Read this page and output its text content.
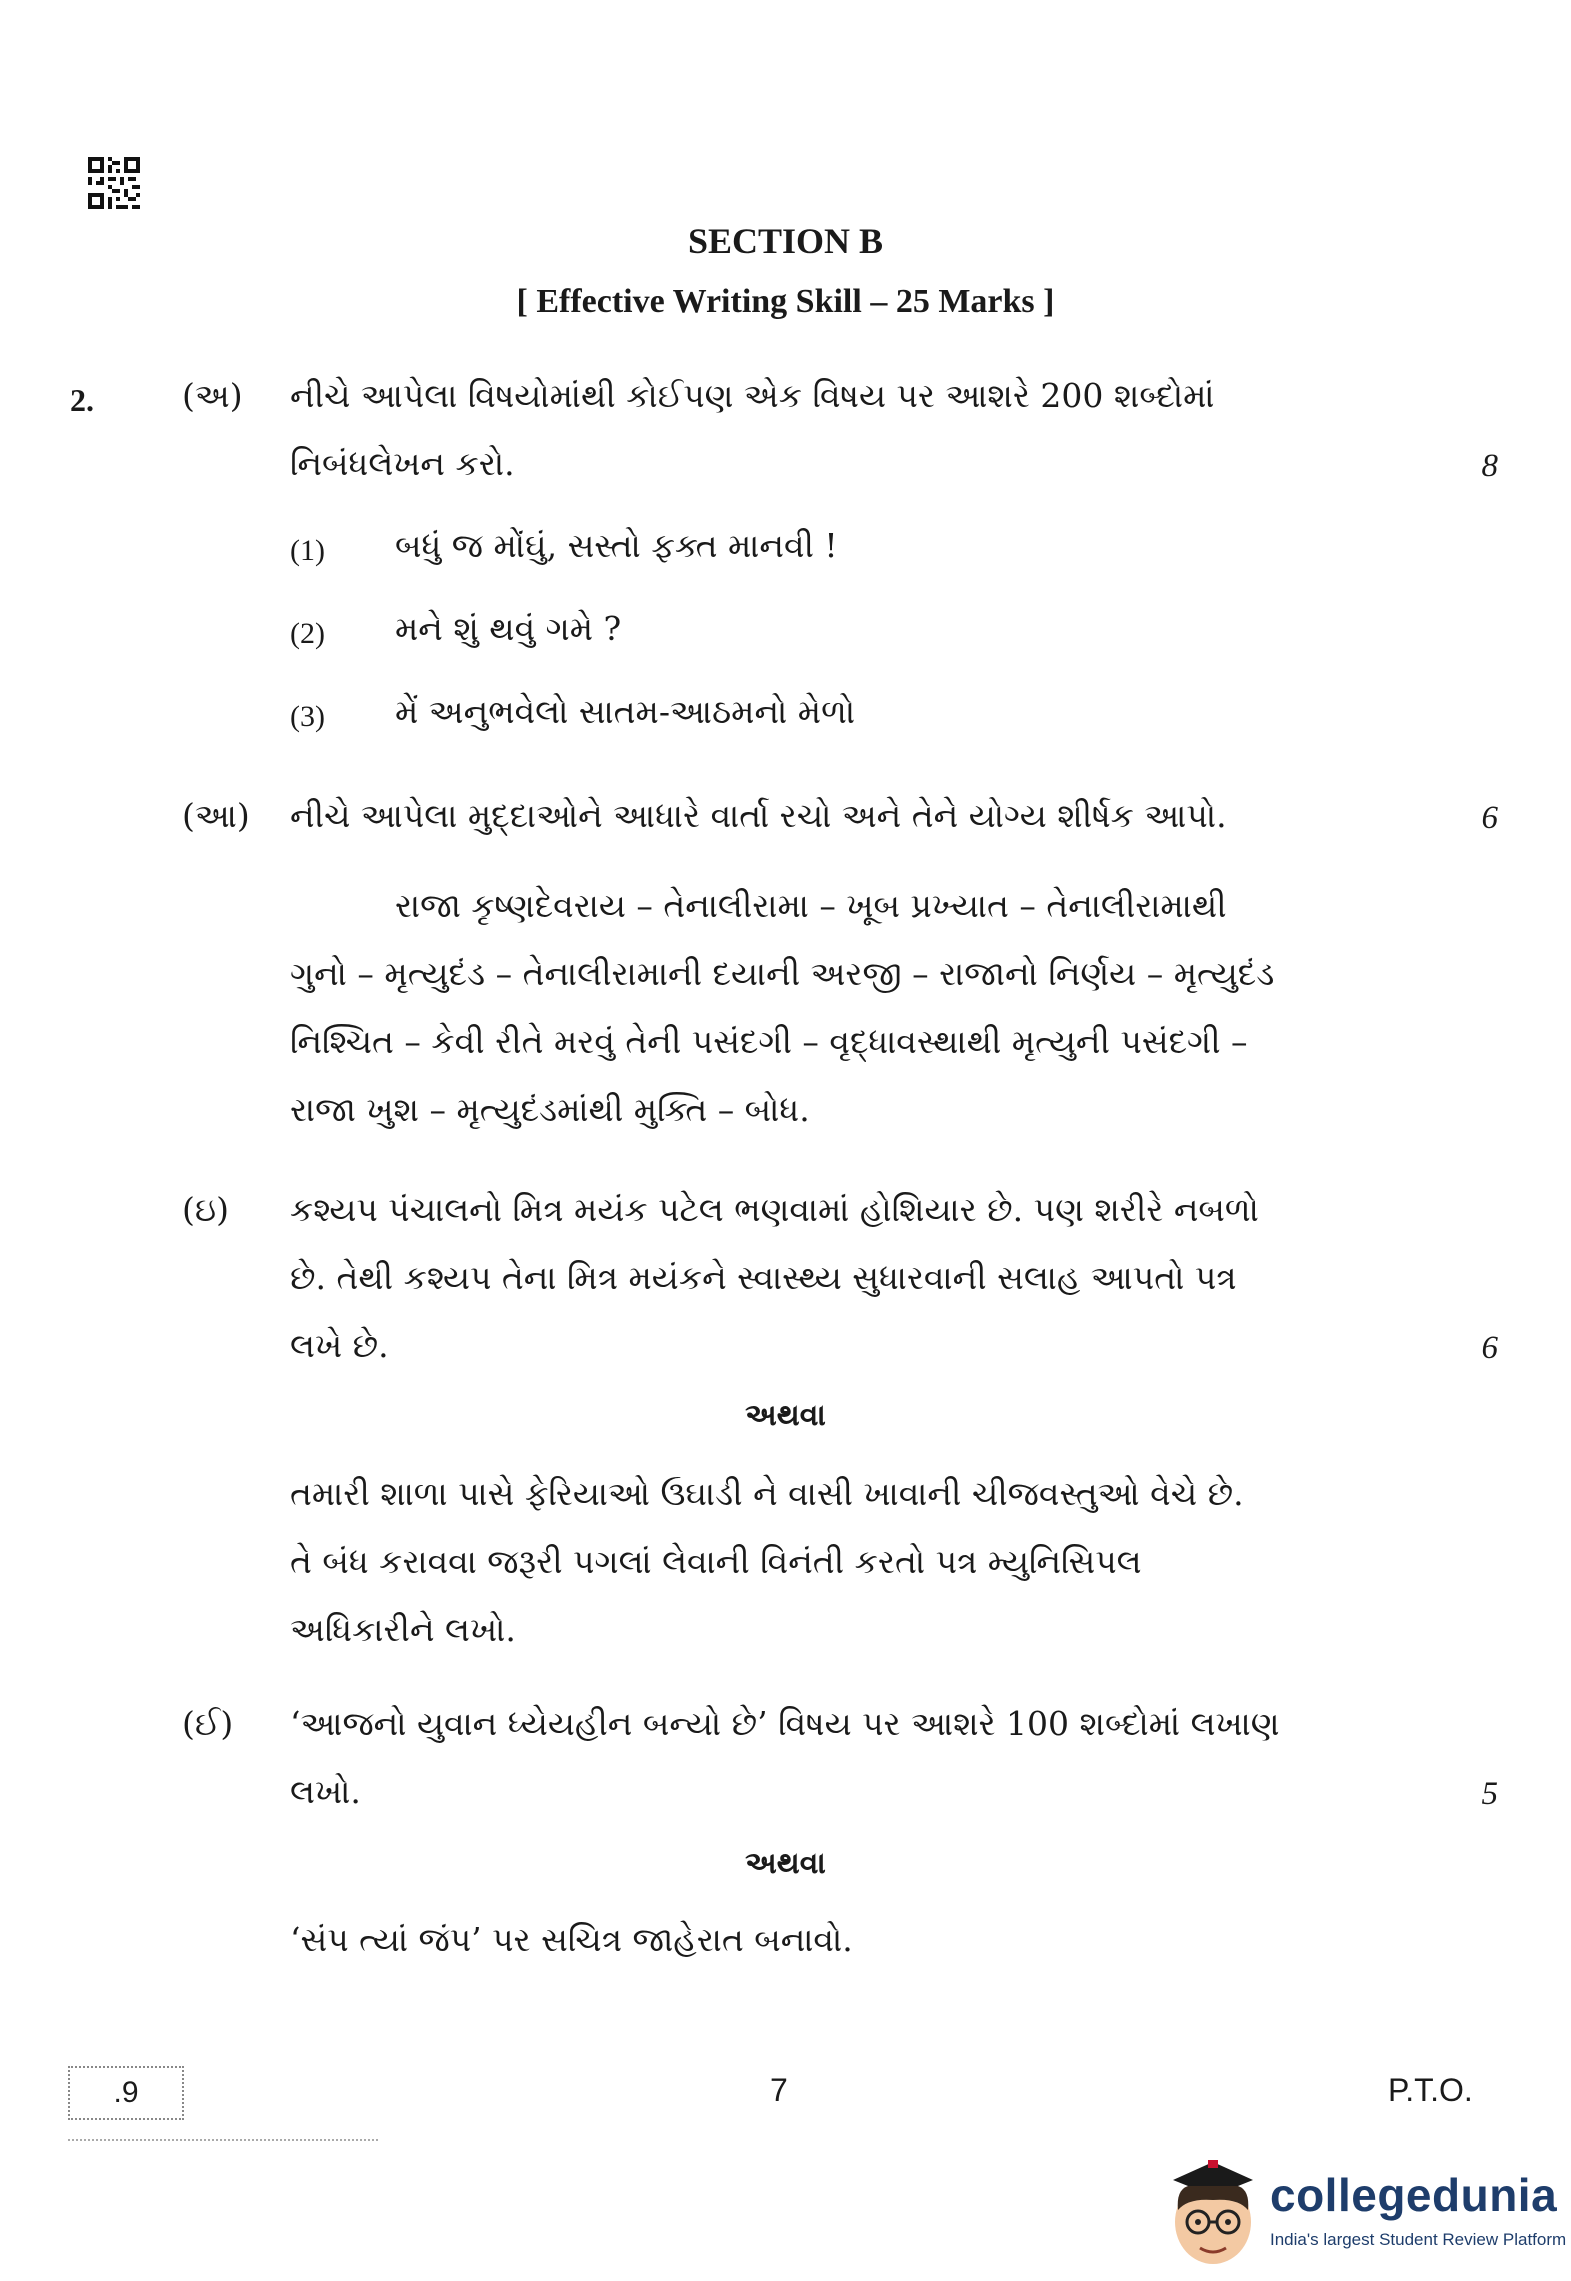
SECTION B
[ Effective Writing Skill – 25 Marks ]
2.	(અ) નીચે આપેલા વિષયોમાંથી કોઈપણ એક વિષય પર આશરે 200 શબ્દોમાં
નિબંધલેખન કરો.	8
(1) બધું જ મોંઘું, સસ્તો ફક્ત માનવી !
(2) મને શું થવું ગમે ?
(3) મેં અનુભવેલો સાતમ-આઠમનો મેળો
(આ) નીચે આપેલા મુદ્દાઓને આધારે વાર્તા રચો અને તેને યોગ્ય શીર્ષક આપો.	6
રાજા કૃષ્ણદેવરાય – તેનાલીરામા – ખૂબ પ્રખ્યાત – તેનાલીરામાથી
ગુનો – મૃત્યુદંડ – તેનાલીરામાની દયાની અરજી – રાજાનો નિર્ણય – મૃત્યુદંડ
નિશ્ચિત – કેવી રીતે મરવું તેની પસંદગી – વૃદ્ધાવસ્થાથી મૃત્યુની પસંદગી –
રાજા ખુશ – મૃત્યુદંડમાંથી મુક્તિ – બોધ.
(ઇ) કશ્યપ પંચાલનો મિત્ર મયંક પટેલ ભણવામાં હોશિયાર છે. પણ શરીરે નબળો
છે. તેથી કશ્યપ તેના મિત્ર મયંકને સ્વાસ્થ્ય સુધારવાની સલાહ આપતો પત્ર
લખે છે.	6
અથવા
તમારી શાળા પાસે ફેરિયાઓ ઉઘાડી ને વાસી ખાવાની ચીજવસ્તુઓ વેચે છે.
તે બંધ કરાવવા જરૂરી પગલાં લેવાની વિનંતી કરતો પત્ર મ્યુનિસિપલ
અધિકારીને લખો.
(ઈ) ‘આજનો યુવાન ધ્યેયહીન બન્યો છે’ વિષય પર આશરે 100 શબ્દોમાં લખાણ
લખો.	5
અથવા
‘સંપ ત્યાં જંપ’ પર સચિત્ર જાહેરાત બનાવો.
.9	7	P.T.O.
collegedunia
India's largest Student Review Platform
